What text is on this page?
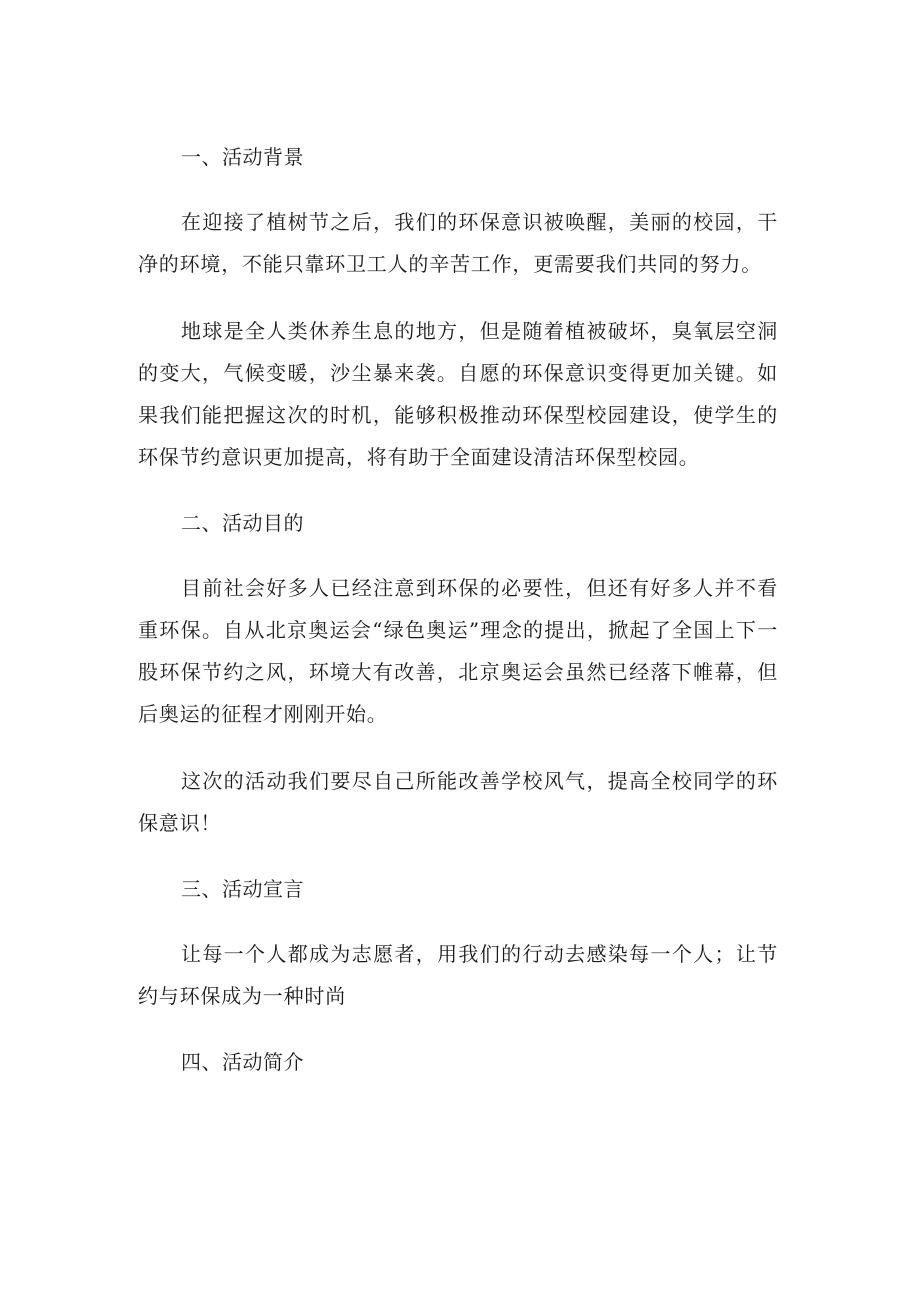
一、活动背景

在迎接了植树节之后，我们的环保意识被唤醒，美丽的校园，干净的环境，不能只靠环卫工人的辛苦工作，更需要我们共同的努力。

地球是全人类休养生息的地方，但是随着植被破坏，臭氧层空洞的变大，气候变暖，沙尘暴来袭。自愿的环保意识变得更加关键。如果我们能把握这次的时机，能够积极推动环保型校园建设，使学生的环保节约意识更加提高，将有助于全面建设清洁环保型校园。

二、活动目的

目前社会好多人已经注意到环保的必要性，但还有好多人并不看重环保。自从北京奥运会“绿色奥运”理念的提出，掀起了全国上下一股环保节约之风，环境大有改善，北京奥运会虽然已经落下帷幕，但后奥运的征程才刚刚开始。

这次的活动我们要尽自己所能改善学校风气，提高全校同学的环保意识！

三、活动宣言

让每一个人都成为志愿者，用我们的行动去感染每一个人；让节约与环保成为一种时尚

四、活动简介
